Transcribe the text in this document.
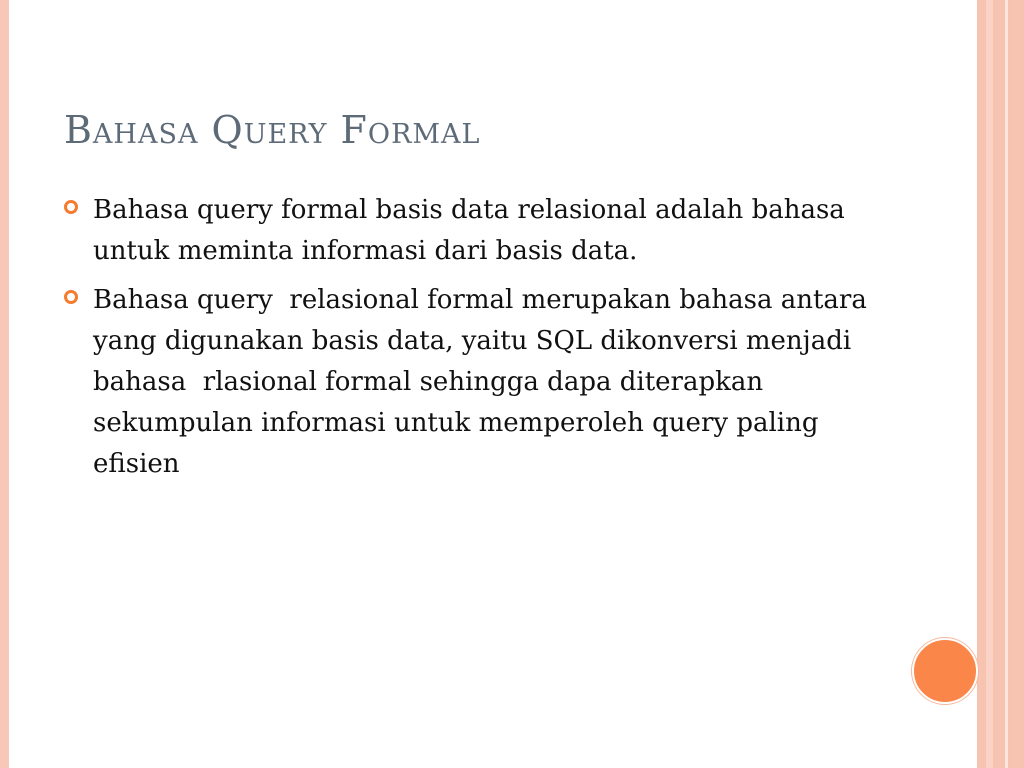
Bahasa Query Formal
Bahasa query formal basis data relasional adalah bahasa untuk meminta informasi dari basis data.
Bahasa query  relasional formal merupakan bahasa antara yang digunakan basis data, yaitu SQL dikonversi menjadi bahasa  rlasional formal sehingga dapa diterapkan sekumpulan informasi untuk memperoleh query paling efisien
